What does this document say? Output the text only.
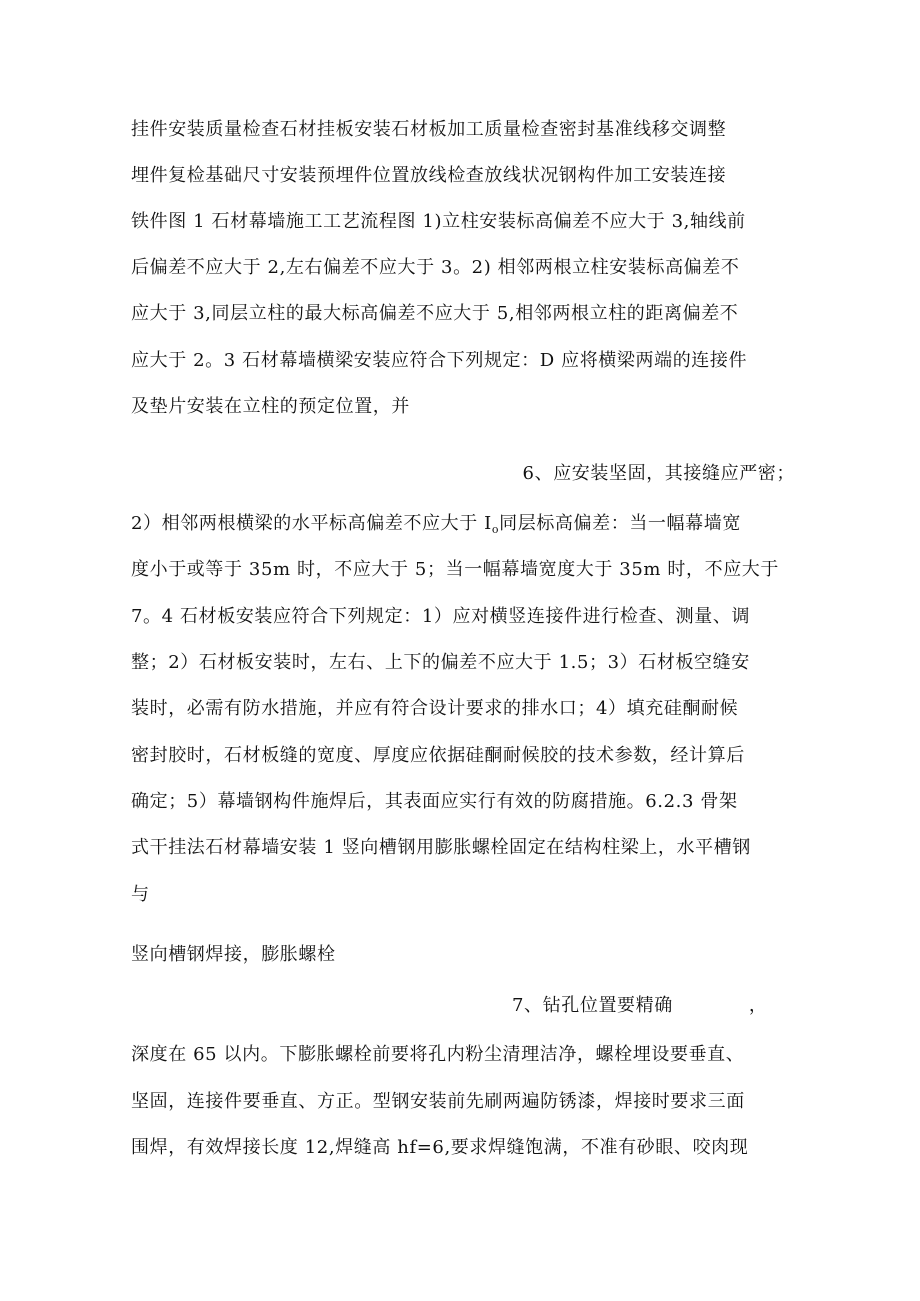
挂件安装质量检查石材挂板安装石材板加工质量检查密封基准线移交调整
埋件复检基础尺寸安装预埋件位置放线检查放线状况钢构件加工安装连接
铁件图 1 石材幕墙施工工艺流程图 1)立柱安装标高偏差不应大于 3,轴线前
后偏差不应大于 2,左右偏差不应大于 3。2) 相邻两根立柱安装标高偏差不
应大于 3,同层立柱的最大标高偏差不应大于 5,相邻两根立柱的距离偏差不
应大于 2。3 石材幕墙横梁安装应符合下列规定：D 应将横梁两端的连接件
及垫片安装在立柱的预定位置，并
6、应安装坚固，其接缝应严密；
2）相邻两根横梁的水平标高偏差不应大于 $I_o$同层标高偏差：当一幅幕墙宽
度小于或等于 35m 时，不应大于 5；当一幅幕墙宽度大于 35m 时，不应大于
7。4 石材板安装应符合下列规定：1）应对横竖连接件进行检查、测量、调
整；2）石材板安装时，左右、上下的偏差不应大于 1.5；3）石材板空缝安
装时，必需有防水措施，并应有符合设计要求的排水口；4）填充硅酮耐候
密封胶时，石材板缝的宽度、厚度应依据硅酮耐候胶的技术参数，经计算后
确定；5）幕墙钢构件施焊后，其表面应实行有效的防腐措施。6.2.3 骨架
式干挂法石材幕墙安装 1 竖向槽钢用膨胀螺栓固定在结构柱梁上，水平槽钢
与
竖向槽钢焊接，膨胀螺栓
7、钻孔位置要精确	，
深度在 65 以内。下膨胀螺栓前要将孔内粉尘清理洁净，螺栓埋设要垂直、
坚固，连接件要垂直、方正。型钢安装前先刷两遍防锈漆，焊接时要求三面
围焊，有效焊接长度 12,焊缝高 hf=6,要求焊缝饱满，不准有砂眼、咬肉现
